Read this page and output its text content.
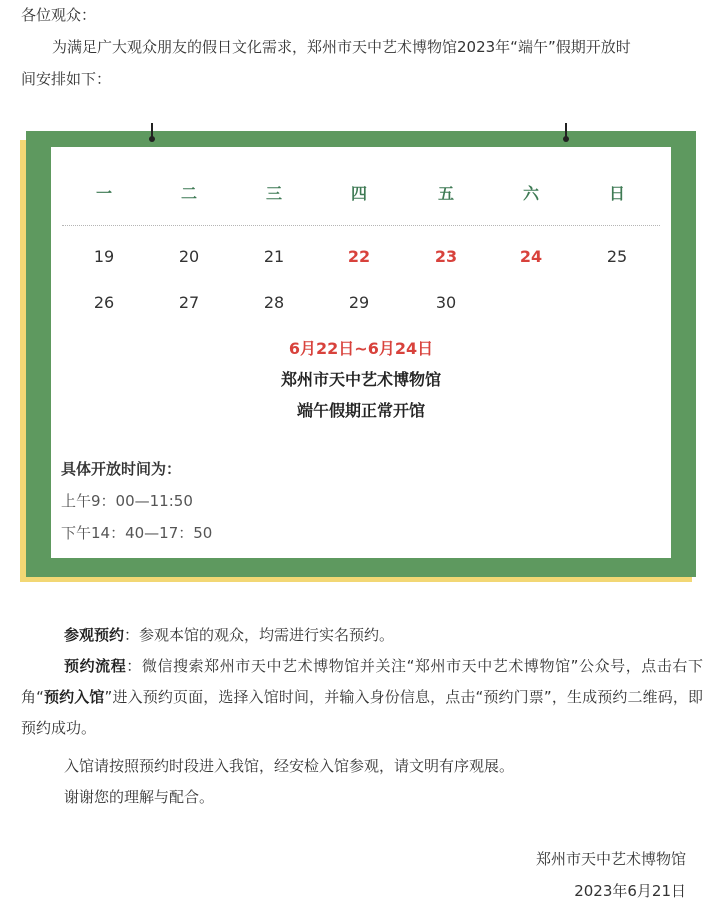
各位观众：
为满足广大观众朋友的假日文化需求，郑州市天中艺术博物馆2023年“端午”假期开放时
间安排如下：
一	二	三	四	五	六	日
19	20	21	22	23	24	25
26	27	28	29	30
6月22日~6月24日
郑州市天中艺术博物馆
端午假期正常开馆
具体开放时间为：
上午9：00—11:50
下午14：40—17：50
参观预约：参观本馆的观众，均需进行实名预约。
预约流程：微信搜索郑州市天中艺术博物馆并关注“郑州市天中艺术博物馆”公众号，点击右下角“预约入馆”进入预约页面，选择入馆时间，并输入身份信息，点击“预约门票”，生成预约二维码，即预约成功。
入馆请按照预约时段进入我馆，经安检入馆参观，请文明有序观展。
谢谢您的理解与配合。
郑州市天中艺术博物馆
2023年6月21日
